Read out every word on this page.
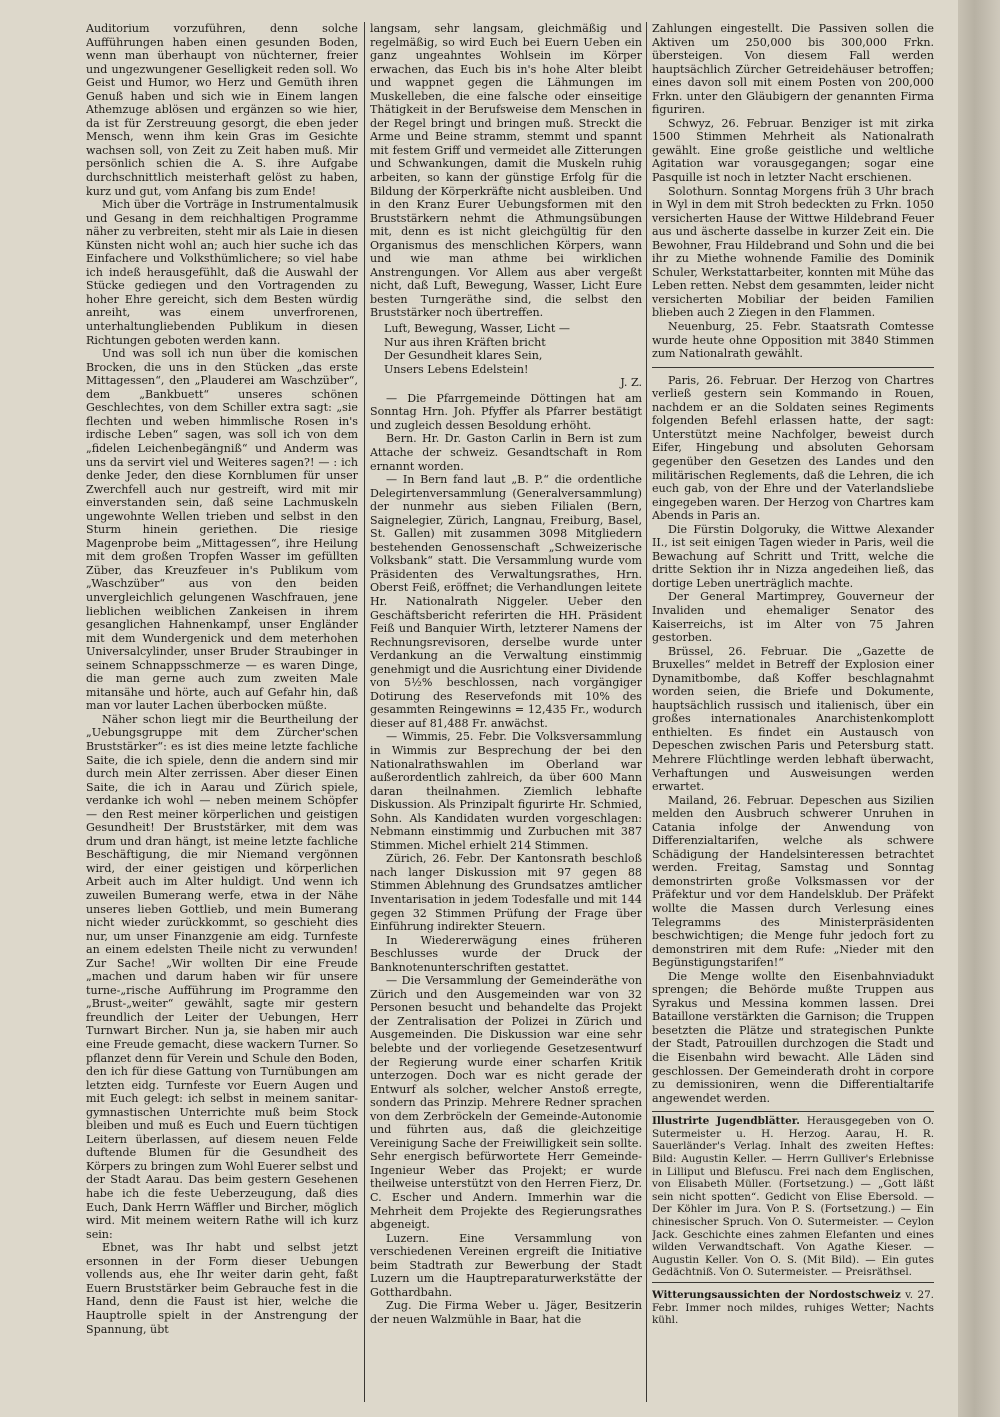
Auditorium vorzuführen, denn solche Aufführungen haben einen gesunden Boden, wenn man überhaupt von nüchterner, freier und ungezwungener Geselligkeit reden soll. Wo Geist und Humor, wo Herz und Gemüth ihren Genuß haben und sich wie in Einem langen Athemzuge ablösen und ergänzen so wie hier, da ist für Zerstreuung gesorgt, die eben jeder Mensch, wenn ihm kein Gras im Gesichte wachsen soll, von Zeit zu Zeit haben muß. Mir persönlich schien die A. S. ihre Aufgabe durchschnittlich meisterhaft gelöst zu haben, kurz und gut, vom Anfang bis zum Ende!

Mich über die Vorträge in Instrumentalmusik und Gesang in dem reichhaltigen Programme näher zu verbreiten, steht mir als Laie in diesen Künsten nicht wohl an; auch hier suche ich das Einfachere und Volksthümlichere; so viel habe ich indeß herausgefühlt, daß die Auswahl der Stücke gediegen und den Vortragenden zu hoher Ehre gereicht, sich dem Besten würdig anreiht, was einem unverfrorenen, unterhaltungliebenden Publikum in diesen Richtungen geboten werden kann.

Und was soll ich nun über die komischen Brocken, die uns in den Stücken „das erste Mittagessen“, den „Plauderei am Waschzüber“, dem „Bankbuett“ unseres schönen Geschlechtes, von dem Schiller extra sagt: „sie flechten und weben himmlische Rosen in's irdische Leben“ sagen, was soll ich von dem „fidelen Leichenbegängniß“ und Anderm was uns da servirt viel und Weiteres sagen?! — : ich denke Jeder, den diese Kornblumen für unser Zwerchfell auch nur gestreift, wird mit mir einverstanden sein, daß seine Lachmuskeln ungewohnte Wellen trieben und selbst in den Sturm hinein geriethen. Die riesige Magenprobe beim „Mittagessen“, ihre Heilung mit dem großen Tropfen Wasser im gefüllten Züber, das Kreuzfeuer in's Publikum vom „Waschzüber“ aus von den beiden unvergleichlich gelungenen Waschfrauen, jene lieblichen weiblichen Zankeisen in ihrem gesanglichen Hahnenkampf, unser Engländer mit dem Wundergenick und dem meterhohen Universalcylinder, unser Bruder Straubinger in seinem Schnappsschmerze — es waren Dinge, die man gerne auch zum zweiten Male mitansähe und hörte, auch auf Gefahr hin, daß man vor lauter Lachen überbocken müßte.

Näher schon liegt mir die Beurtheilung der „Uebungsgruppe mit dem Zürcher'schen Bruststärker“: es ist dies meine letzte fachliche Saite, die ich spiele, denn die andern sind mir durch mein Alter zerrissen. Aber dieser Einen Saite, die ich in Aarau und Zürich spiele, verdanke ich wohl — neben meinem Schöpfer — den Rest meiner körperlichen und geistigen Gesundheit! Der Bruststärker, mit dem was drum und dran hängt, ist meine letzte fachliche Beschäftigung, die mir Niemand vergönnen wird, der einer geistigen und körperlichen Arbeit auch im Alter huldigt. Und wenn ich zuweilen Bumerang werfe, etwa in der Nähe unseres lieben Gottlieb, und mein Bumerang nicht wieder zurückkommt, so geschieht dies nur, um unser Finanzgenie am eidg. Turnfeste an einem edelsten Theile nicht zu verwunden! Zur Sache! „Wir wollten Dir eine Freude „machen und darum haben wir für unsere turne-„rische Aufführung im Programme den „Brust-„weiter“ gewählt, sagte mir gestern freundlich der Leiter der Uebungen, Herr Turnwart Bircher. Nun ja, sie haben mir auch eine Freude gemacht, diese wackern Turner. So pflanzet denn für Verein und Schule den Boden, den ich für diese Gattung von Turnübungen am letzten eidg. Turnfeste vor Euern Augen und mit Euch gelegt: ich selbst in meinem sanitar-gymnastischen Unterrichte muß beim Stock bleiben und muß es Euch und Euern tüchtigen Leitern überlassen, auf diesem neuen Felde duftende Blumen für die Gesundheit des Körpers zu bringen zum Wohl Euerer selbst und der Stadt Aarau. Das beim gestern Gesehenen habe ich die feste Ueberzeugung, daß dies Euch, Dank Herrn Wäffler und Bircher, möglich wird. Mit meinem weitern Rathe will ich kurz sein:

Ebnet, was Ihr habt und selbst jetzt ersonnen in der Form dieser Uebungen vollends aus, ehe Ihr weiter darin geht, faßt Euern Bruststärker beim Gebrauche fest in die Hand, denn die Faust ist hier, welche die Hauptrolle spielt in der Anstrengung der Spannung, übt

langsam, sehr langsam, gleichmäßig und regelmäßig, so wird Euch bei Euern Ueben ein ganz ungeahntes Wohlsein im Körper erwachen, das Euch bis in's hohe Alter bleibt und wappnet gegen die Lähmungen im Muskelleben, die eine falsche oder einseitige Thätigkeit in der Berufsweise dem Menschen in der Regel bringt und bringen muß. Streckt die Arme und Beine stramm, stemmt und spannt mit festem Griff und vermeidet alle Zitterungen und Schwankungen, damit die Muskeln ruhig arbeiten, so kann der günstige Erfolg für die Bildung der Körperkräfte nicht ausbleiben. Und in den Kranz Eurer Uebungsformen mit den Bruststärkern nehmt die Athmungsübungen mit, denn es ist nicht gleichgültig für den Organismus des menschlichen Körpers, wann und wie man athme bei wirklichen Anstrengungen. Vor Allem aus aber vergeßt nicht, daß Luft, Bewegung, Wasser, Licht Eure besten Turngeräthe sind, die selbst den Bruststärker noch übertreffen.

Luft, Bewegung, Wasser, Licht —
Nur aus ihren Kräften bricht
Der Gesundheit klares Sein,
Unsers Lebens Edelstein!
J. Z.

— Die Pfarrgemeinde Döttingen hat am Sonntag Hrn. Joh. Pfyffer als Pfarrer bestätigt und zugleich dessen Besoldung erhöht.

Bern. Hr. Dr. Gaston Carlin in Bern ist zum Attache der schweiz. Gesandtschaft in Rom ernannt worden.

— In Bern fand laut „B. P.“ die ordentliche Delegirtenversammlung (Generalversammlung) der nunmehr aus sieben Filialen (Bern, Saignelegier, Zürich, Langnau, Freiburg, Basel, St. Gallen) mit zusammen 3098 Mitgliedern bestehenden Genossenschaft „Schweizerische Volksbank“ statt. Die Versammlung wurde vom Präsidenten des Verwaltungsrathes, Hrn. Oberst Feiß, eröffnet; die Verhandlungen leitete Hr. Nationalrath Niggeler. Ueber den Geschäftsbericht referirten die HH. Präsident Feiß und Banquier Wirth, letzterer Namens der Rechnungsrevisoren, derselbe wurde unter Verdankung an die Verwaltung einstimmig genehmigt und die Ausrichtung einer Dividende von 5½% beschlossen, nach vorgängiger Dotirung des Reservefonds mit 10% des gesammten Reingewinns = 12,435 Fr., wodurch dieser auf 81,488 Fr. anwächst.

— Wimmis, 25. Febr. Die Volksversammlung in Wimmis zur Besprechung der bei den Nationalrathswahlen im Oberland war außerordentlich zahlreich, da über 600 Mann daran theilnahmen. Ziemlich lebhafte Diskussion. Als Prinzipalt figurirte Hr. Schmied, Sohn. Als Kandidaten wurden vorgeschlagen: Nebmann einstimmig und Zurbuchen mit 387 Stimmen. Michel erhielt 214 Stimmen.

Zürich, 26. Febr. Der Kantonsrath beschloß nach langer Diskussion mit 97 gegen 88 Stimmen Ablehnung des Grundsatzes amtlicher Inventarisation in jedem Todesfalle und mit 144 gegen 32 Stimmen Prüfung der Frage über Einführung indirekter Steuern.

In Wiedererwägung eines früheren Beschlusses wurde der Druck der Banknotenunterschriften gestattet.

— Die Versammlung der Gemeinderäthe von Zürich und den Ausgemeinden war von 32 Personen besucht und behandelte das Projekt der Zentralisation der Polizei in Zürich und Ausgemeinden. Die Diskussion war eine sehr belebte und der vorliegende Gesetzesentwurf der Regierung wurde einer scharfen Kritik unterzogen. Doch war es nicht gerade der Entwurf als solcher, welcher Anstoß erregte, sondern das Prinzip. Mehrere Redner sprachen von dem Zerbröckeln der Gemeinde-Autonomie und führten aus, daß die gleichzeitige Vereinigung Sache der Freiwilligkeit sein sollte. Sehr energisch befürwortete Herr Gemeinde-Ingenieur Weber das Projekt; er wurde theilweise unterstützt von den Herren Fierz, Dr. C. Escher und Andern. Immerhin war die Mehrheit dem Projekte des Regierungsrathes abgeneigt.

Luzern. Eine Versammlung von verschiedenen Vereinen ergreift die Initiative beim Stadtrath zur Bewerbung der Stadt Luzern um die Hauptreparaturwerkstätte der Gotthardbahn.

Zug. Die Firma Weber u. Jäger, Besitzerin der neuen Walzmühle in Baar, hat die

Zahlungen eingestellt. Die Passiven sollen die Aktiven um 250,000 bis 300,000 Frkn. übersteigen. Von diesem Fall werden hauptsächlich Zürcher Getreidehäuser betroffen; eines davon soll mit einem Posten von 200,000 Frkn. unter den Gläubigern der genannten Firma figuriren.

Schwyz, 26. Februar. Benziger ist mit zirka 1500 Stimmen Mehrheit als Nationalrath gewählt. Eine große geistliche und weltliche Agitation war vorausgegangen; sogar eine Pasquille ist noch in letzter Nacht erschienen.

Solothurn. Sonntag Morgens früh 3 Uhr brach in Wyl in dem mit Stroh bedeckten zu Frkn. 1050 versicherten Hause der Wittwe Hildebrand Feuer aus und äscherte dasselbe in kurzer Zeit ein. Die Bewohner, Frau Hildebrand und Sohn und die bei ihr zu Miethe wohnende Familie des Dominik Schuler, Werkstattarbeiter, konnten mit Mühe das Leben retten. Nebst dem gesammten, leider nicht versicherten Mobiliar der beiden Familien blieben auch 2 Ziegen in den Flammen.

Neuenburg, 25. Febr. Staatsrath Comtesse wurde heute ohne Opposition mit 3840 Stimmen zum Nationalrath gewählt.

Paris, 26. Februar. Der Herzog von Chartres verließ gestern sein Kommando in Rouen, nachdem er an die Soldaten seines Regiments folgenden Befehl erlassen hatte, der sagt: Unterstützt meine Nachfolger, beweist durch Eifer, Hingebung und absoluten Gehorsam gegenüber den Gesetzen des Landes und den militärischen Reglements, daß die Lehren, die ich euch gab, von der Ehre und der Vaterlandsliebe eingegeben waren. Der Herzog von Chartres kam Abends in Paris an.

Die Fürstin Dolgoruky, die Wittwe Alexander II., ist seit einigen Tagen wieder in Paris, weil die Bewachung auf Schritt und Tritt, welche die dritte Sektion ihr in Nizza angedeihen ließ, das dortige Leben unerträglich machte.

Der General Martimprey, Gouverneur der Invaliden und ehemaliger Senator des Kaiserreichs, ist im Alter von 75 Jahren gestorben.

Brüssel, 26. Februar. Die „Gazette de Bruxelles“ meldet in Betreff der Explosion einer Dynamitbombe, daß Koffer beschlagnahmt worden seien, die Briefe und Dokumente, hauptsächlich russisch und italienisch, über ein großes internationales Anarchistenkomplott enthielten. Es findet ein Austausch von Depeschen zwischen Paris und Petersburg statt. Mehrere Flüchtlinge werden lebhaft überwacht, Verhaftungen und Ausweisungen werden erwartet.

Mailand, 26. Februar. Depeschen aus Sizilien melden den Ausbruch schwerer Unruhen in Catania infolge der Anwendung von Differenzialtarifen, welche als schwere Schädigung der Handelsinteressen betrachtet werden. Freitag, Samstag und Sonntag demonstrirten große Volksmassen vor der Präfektur und vor dem Handelsklub. Der Präfekt wollte die Massen durch Verlesung eines Telegramms des Ministerpräsidenten beschwichtigen; die Menge fuhr jedoch fort zu demonstriren mit dem Rufe: „Nieder mit den Begünstigungstarifen!“

Die Menge wollte den Eisenbahnviadukt sprengen; die Behörde mußte Truppen aus Syrakus und Messina kommen lassen. Drei Bataillone verstärkten die Garnison; die Truppen besetzten die Plätze und strategischen Punkte der Stadt, Patrouillen durchzogen die Stadt und die Eisenbahn wird bewacht. Alle Läden sind geschlossen. Der Gemeinderath droht in corpore zu demissioniren, wenn die Differentialtarife angewendet werden.

Illustrirte Jugendblätter. Herausgegeben von O. Sutermeister u. H. Herzog. Aarau, H. R. Sauerländer's Verlag. Inhalt des zweiten Heftes: Bild: Augustin Keller. — Herrn Gulliver's Erlebnisse in Lilliput und Blefuscu. Frei nach dem Englischen, von Elisabeth Müller. (Fortsetzung.) — „Gott läßt sein nicht spotten“. Gedicht von Elise Ebersold. — Der Köhler im Jura. Von P. S. (Fortsetzung.) — Ein chinesischer Spruch. Von O. Sutermeister. — Ceylon Jack. Geschichte eines zahmen Elefanten und eines wilden Verwandtschaft. Von Agathe Kieser. — Augustin Keller. Von O. S. (Mit Bild). — Ein gutes Gedächtniß. Von O. Sutermeister. — Preisräthsel.
Witterungsaussichten der Nordostschweiz v. 27. Febr. Immer noch mildes, ruhiges Wetter; Nachts kühl.
